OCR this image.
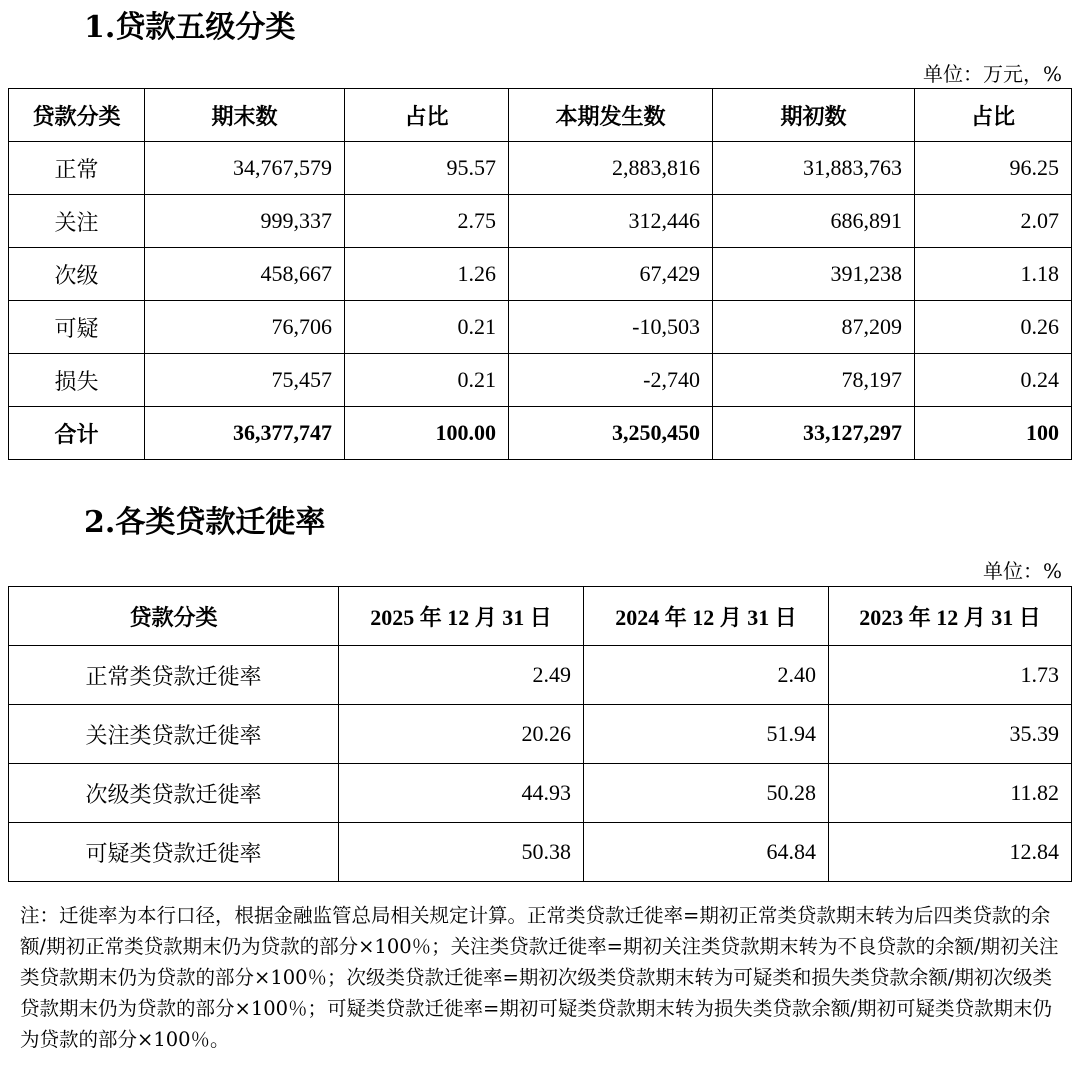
1.贷款五级分类
单位：万元，%
贷款分类	期末数	占比	本期发生数	期初数	占比
正常	34,767,579	95.57	2,883,816	31,883,763	96.25
关注	999,337	2.75	312,446	686,891	2.07
次级	458,667	1.26	67,429	391,238	1.18
可疑	76,706	0.21	-10,503	87,209	0.26
损失	75,457	0.21	-2,740	78,197	0.24
合计	36,377,747	100.00	3,250,450	33,127,297	100
2.各类贷款迁徙率
单位：%
贷款分类	2025 年 12 月 31 日	2024 年 12 月 31 日	2023 年 12 月 31 日
正常类贷款迁徙率	2.49	2.40	1.73
关注类贷款迁徙率	20.26	51.94	35.39
次级类贷款迁徙率	44.93	50.28	11.82
可疑类贷款迁徙率	50.38	64.84	12.84

注：迁徙率为本行口径，根据金融监管总局相关规定计算。正常类贷款迁徙率=期初正常类贷款期末转为后四类贷款的余额/期初正常类贷款期末仍为贷款的部分×100％；关注类贷款迁徙率=期初关注类贷款期末转为不良贷款的余额/期初关注类贷款期末仍为贷款的部分×100％；次级类贷款迁徙率=期初次级类贷款期末转为可疑类和损失类贷款余额/期初次级类贷款期末仍为贷款的部分×100％；可疑类贷款迁徙率=期初可疑类贷款期末转为损失类贷款余额/期初可疑类贷款期末仍为贷款的部分×100％。
